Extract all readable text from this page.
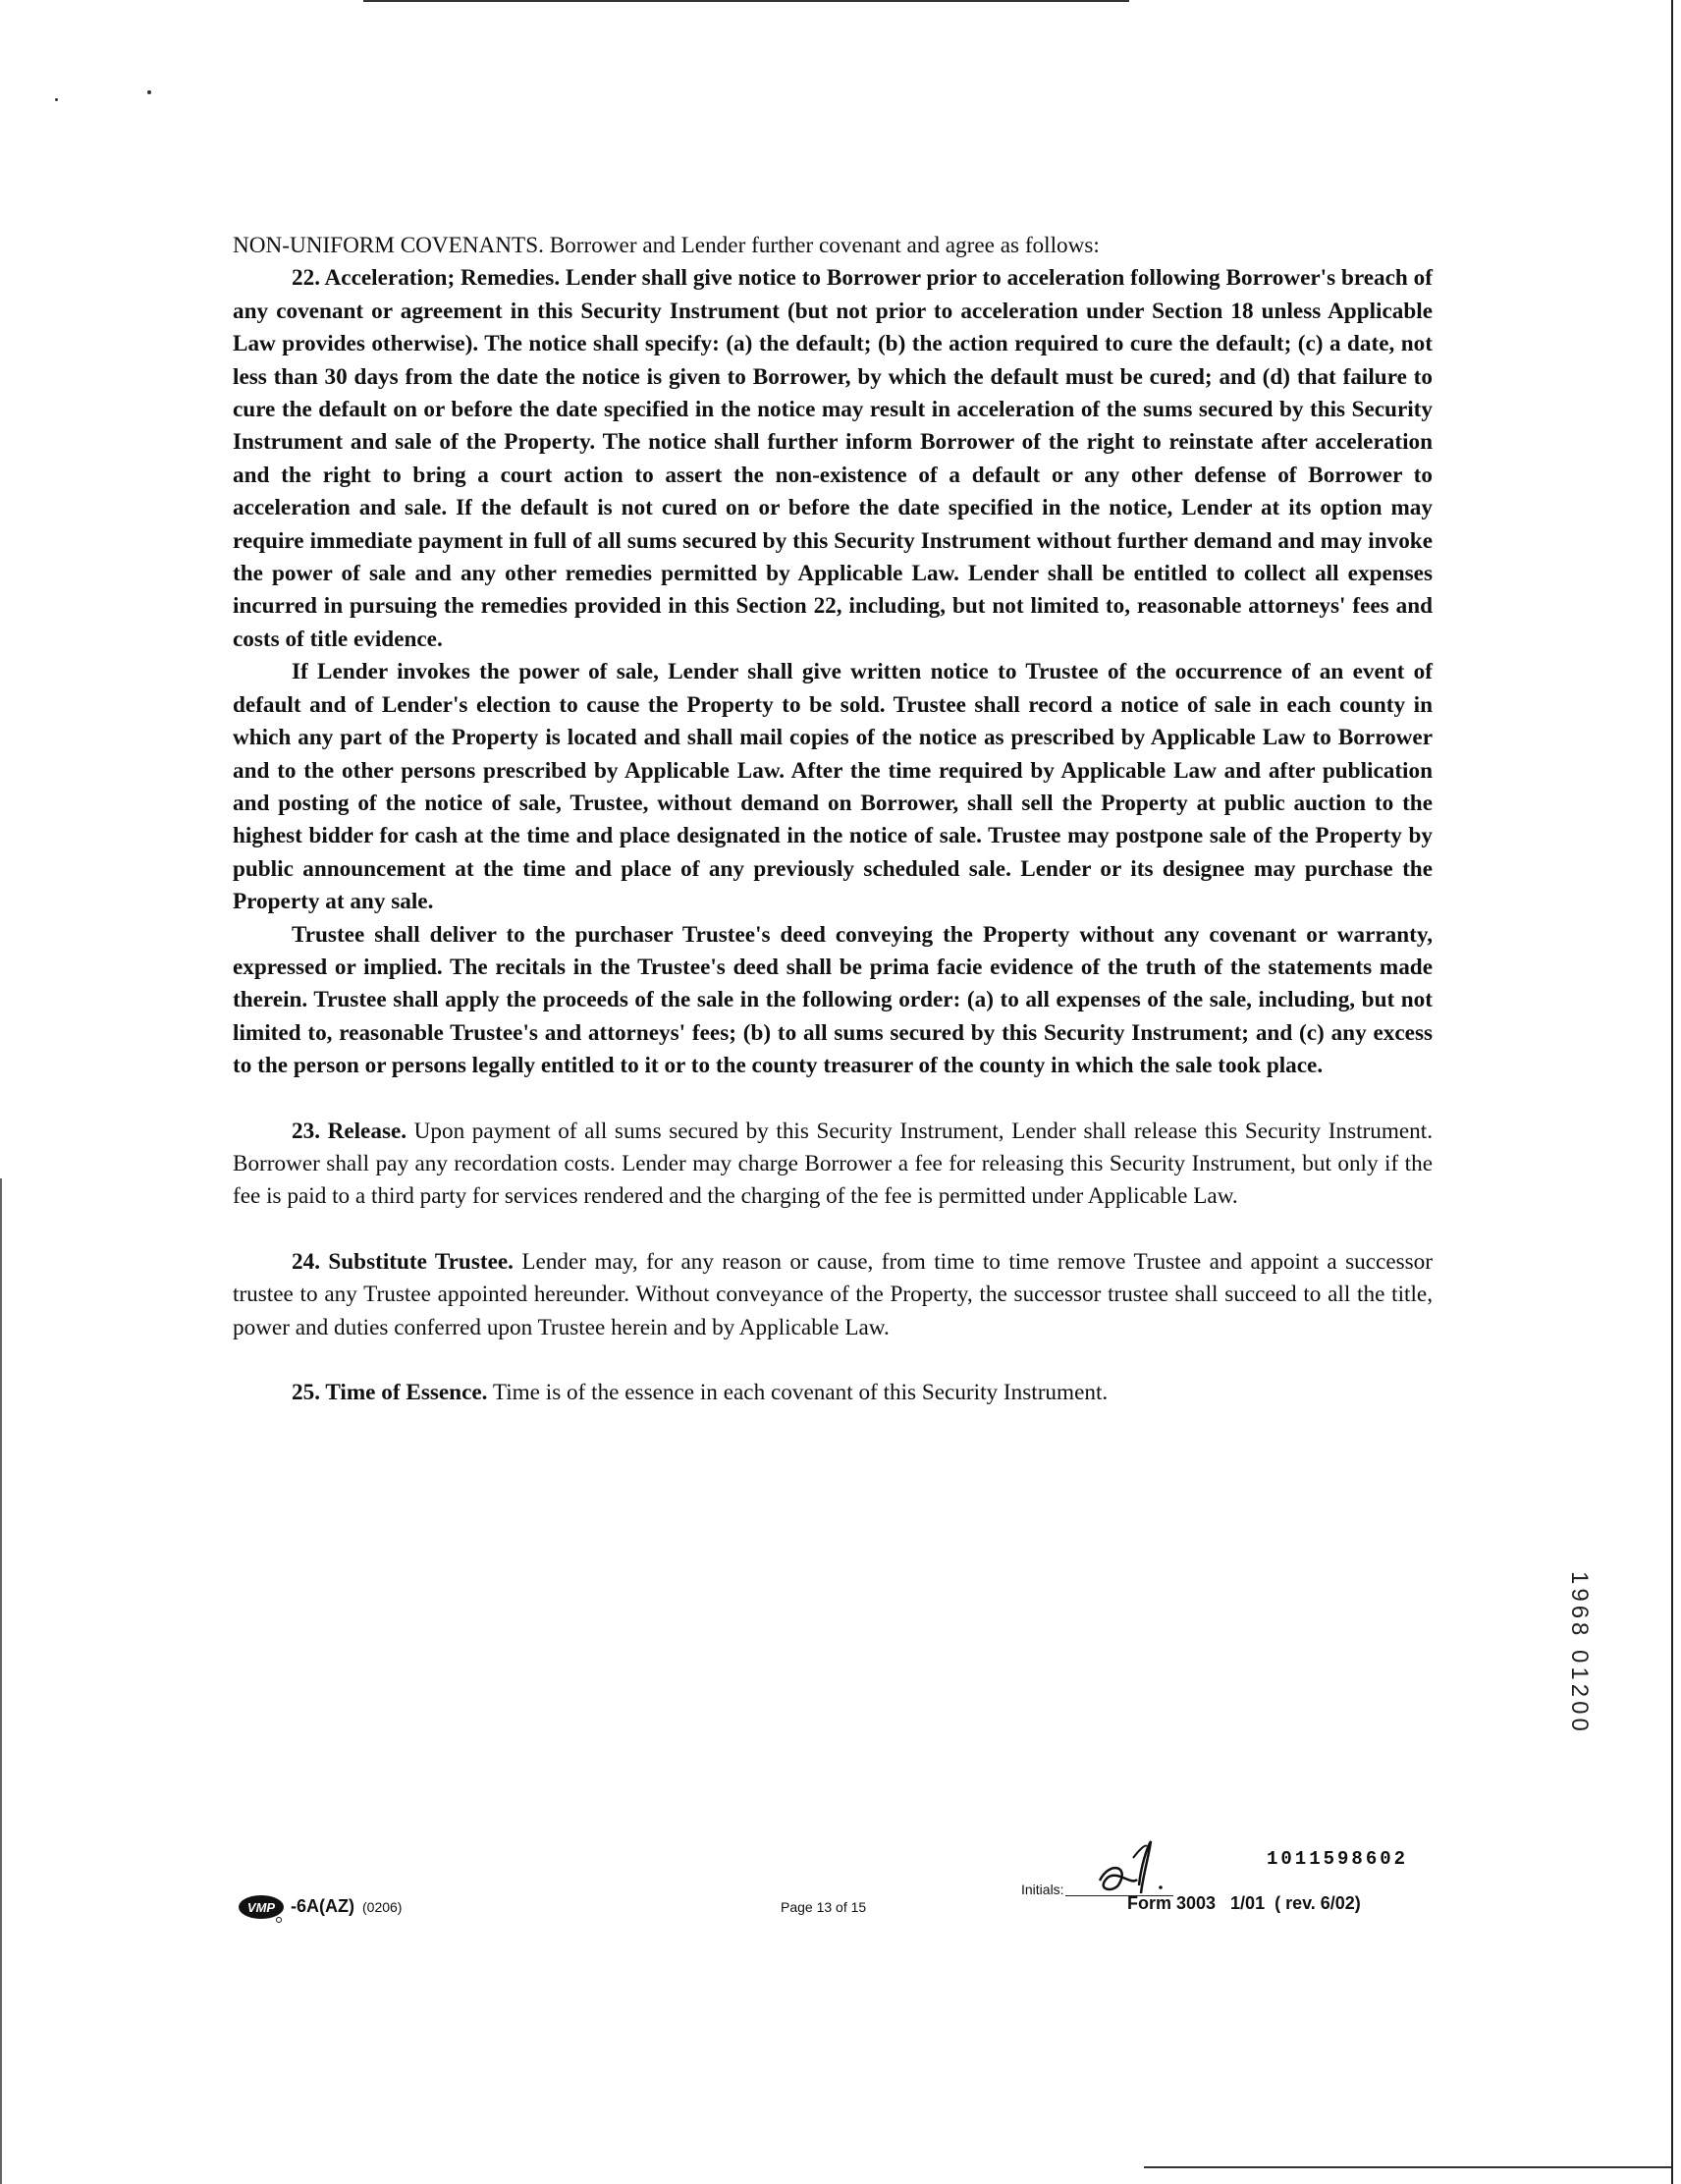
NON-UNIFORM COVENANTS. Borrower and Lender further covenant and agree as follows:

22. Acceleration; Remedies. Lender shall give notice to Borrower prior to acceleration following Borrower's breach of any covenant or agreement in this Security Instrument (but not prior to acceleration under Section 18 unless Applicable Law provides otherwise). The notice shall specify: (a) the default; (b) the action required to cure the default; (c) a date, not less than 30 days from the date the notice is given to Borrower, by which the default must be cured; and (d) that failure to cure the default on or before the date specified in the notice may result in acceleration of the sums secured by this Security Instrument and sale of the Property. The notice shall further inform Borrower of the right to reinstate after acceleration and the right to bring a court action to assert the non-existence of a default or any other defense of Borrower to acceleration and sale. If the default is not cured on or before the date specified in the notice, Lender at its option may require immediate payment in full of all sums secured by this Security Instrument without further demand and may invoke the power of sale and any other remedies permitted by Applicable Law. Lender shall be entitled to collect all expenses incurred in pursuing the remedies provided in this Section 22, including, but not limited to, reasonable attorneys' fees and costs of title evidence.

If Lender invokes the power of sale, Lender shall give written notice to Trustee of the occurrence of an event of default and of Lender's election to cause the Property to be sold. Trustee shall record a notice of sale in each county in which any part of the Property is located and shall mail copies of the notice as prescribed by Applicable Law to Borrower and to the other persons prescribed by Applicable Law. After the time required by Applicable Law and after publication and posting of the notice of sale, Trustee, without demand on Borrower, shall sell the Property at public auction to the highest bidder for cash at the time and place designated in the notice of sale. Trustee may postpone sale of the Property by public announcement at the time and place of any previously scheduled sale. Lender or its designee may purchase the Property at any sale.

Trustee shall deliver to the purchaser Trustee's deed conveying the Property without any covenant or warranty, expressed or implied. The recitals in the Trustee's deed shall be prima facie evidence of the truth of the statements made therein. Trustee shall apply the proceeds of the sale in the following order: (a) to all expenses of the sale, including, but not limited to, reasonable Trustee's and attorneys' fees; (b) to all sums secured by this Security Instrument; and (c) any excess to the person or persons legally entitled to it or to the county treasurer of the county in which the sale took place.

23. Release. Upon payment of all sums secured by this Security Instrument, Lender shall release this Security Instrument. Borrower shall pay any recordation costs. Lender may charge Borrower a fee for releasing this Security Instrument, but only if the fee is paid to a third party for services rendered and the charging of the fee is permitted under Applicable Law.

24. Substitute Trustee. Lender may, for any reason or cause, from time to time remove Trustee and appoint a successor trustee to any Trustee appointed hereunder. Without conveyance of the Property, the successor trustee shall succeed to all the title, power and duties conferred upon Trustee herein and by Applicable Law.

25. Time of Essence. Time is of the essence in each covenant of this Security Instrument.

1968 01200
VMP -6A(AZ) (0206)	Page 13 of 15
Initials:
1011598602
Form 3003   1/01  ( rev. 6/02)
